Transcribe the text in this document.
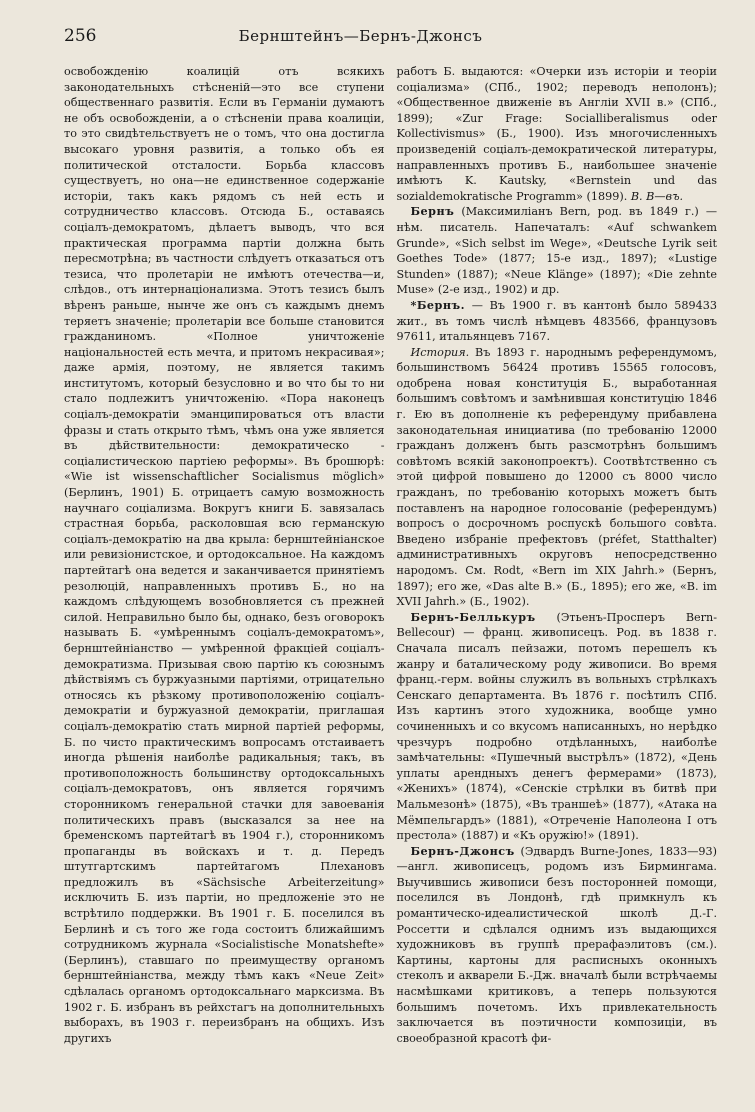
256	Бернштейнъ—Бернъ-Джонсъ

освобожденію коалицій отъ всякихъ законодательныхъ стѣсненій—это все ступени общественнаго развитія. Если въ Германіи думаютъ не объ освобожденіи, а о стѣсненіи права коалиціи, то это свидѣтельствуетъ не о томъ, что она достигла высокаго уровня развитія, а только объ ея политической отсталости. Борьба классовъ существуетъ, но она—не единственное содержаніе исторіи, такъ какъ рядомъ съ ней есть и сотрудничество классовъ. Отсюда Б., оставаясь соціалъ-демократомъ, дѣлаетъ выводъ, что вся практическая программа партіи должна быть пересмотрѣна; въ частности слѣдуетъ отказаться отъ тезиса, что пролетаріи не имѣютъ отечества—и, слѣдов., отъ интернаціонализма. Этотъ тезисъ былъ вѣренъ раньше, нынче же онъ съ каждымъ днемъ теряетъ значеніе; пролетаріи все больше становится гражданиномъ. «Полное уничтоженіе національностей есть мечта, и притомъ некрасивая»; даже армія, поэтому, не является такимъ институтомъ, который безусловно и во что бы то ни стало подлежитъ уничтоженію. «Пора наконецъ соціалъ-демократіи эманципироваться отъ власти фразы и стать открыто тѣмъ, чѣмъ она уже является въ дѣйствительности: демократическо - соціалистическою партіею реформы». Въ брошюрѣ: «Wie ist wissenschaftlicher Socialismus möglich» (Берлинъ, 1901) Б. отрицаетъ самую возможность научнаго соціализма. Вокругъ книги Б. завязалась страстная борьба, расколовшая всю германскую соціалъ-демократію на два крыла: бернштейніанское или ревизіонистское, и ортодоксальное. На каждомъ партейтагѣ она ведется и заканчивается принятіемъ резолюцій, направленныхъ противъ Б., но на каждомъ слѣдующемъ возобновляется съ прежней силой. Неправильно было бы, однако, безъ оговорокъ называть Б. «умѣреннымъ соціалъ-демократомъ», бернштейніанство — умѣренной фракціей соціалъ-демократизма. Призывая свою партію къ союзнымъ дѣйствіямъ съ буржуазными партіями, отрицательно относясь къ рѣзкому противоположенію соціалъ-демократіи и буржуазной демократіи, приглашая соціалъ-демократію стать мирной партіей реформы, Б. по чисто практическимъ вопросамъ отстаиваетъ иногда рѣшенія наиболѣе радикальныя; такъ, въ противоположность большинству ортодоксальныхъ соціалъ-демократовъ, онъ является горячимъ сторонникомъ генеральной стачки для завоеванія политическихъ правъ (высказался за нее на бременскомъ партейтагѣ въ 1904 г.), сторонникомъ пропаганды въ войскахъ и т. д. Передъ штутгартскимъ партейтагомъ Плехановъ предложилъ въ «Sächsische Arbeiterzeitung» исключить Б. изъ партіи, но предложеніе это не встрѣтило поддержки. Въ 1901 г. Б. поселился въ Берлинѣ и съ того же года состоитъ ближайшимъ сотрудникомъ журнала «Socialistische Monatshefte» (Берлинъ), ставшаго по преимуществу органомъ бернштейніанства, между тѣмъ какъ «Neue Zeit» сдѣлалась органомъ ортодоксальнаго марксизма. Въ 1902 г. Б. избранъ въ рейхстагъ на дополнительныхъ выборахъ, въ 1903 г. переизбранъ на общихъ. Изъ другихъ

работъ Б. выдаются: «Очерки изъ исторіи и теоріи соціализма» (СПб., 1902; переводъ неполонъ); «Общественное движеніе въ Англіи XVII в.» (СПб., 1899); «Zur Frage: Socialliberalismus oder Kollectivismus» (Б., 1900). Изъ многочисленныхъ произведеній соціалъ-демократической литературы, направленныхъ противъ Б., наибольшее значеніе имѣютъ K. Kautsky, «Bernstein und das sozialdemokratische Programm» (1899). В. В—въ.

Бернъ (Максимиліанъ Bern, род. въ 1849 г.) — нѣм. писатель. Напечаталъ: «Auf schwankem Grunde», «Sich selbst im Wege», «Deutsche Lyrik seit Goethes Tode» (1877; 15-е изд., 1897); «Lustige Stunden» (1887); «Neue Klänge» (1897); «Die zehnte Muse» (2-е изд., 1902) и др.

*Бернъ. — Въ 1900 г. въ кантонѣ было 589433 жит., въ томъ числѣ нѣмцевъ 483566, французовъ 97611, итальянцевъ 7167.

История. Въ 1893 г. народнымъ референдумомъ, большинствомъ 56424 противъ 15565 голосовъ, одобрена новая конституція Б., выработанная большимъ совѣтомъ и замѣнившая конституцію 1846 г. Ею въ дополненіе къ референдуму прибавлена законодательная инициатива (по требованію 12000 гражданъ долженъ быть разсмотрѣнъ большимъ совѣтомъ всякій законопроектъ). Соотвѣтственно съ этой цифрой повышено до 12000 съ 8000 число гражданъ, по требованію которыхъ можетъ быть поставленъ на народное голосованіе (референдумъ) вопросъ о досрочномъ роспускѣ большого совѣта. Введено избраніе префектовъ (préfet, Statthalter) административныхъ округовъ непосредственно народомъ. См. Rodt, «Bern im XIX Jahrh.» (Бернъ, 1897); его же, «Das alte B.» (Б., 1895); его же, «B. im XVII Jahrh.» (Б., 1902).

Бернъ-Беллькуръ (Этьенъ-Проспeръ Bern-Bellecour) — франц. живописецъ. Род. въ 1838 г. Сначала писалъ пейзажи, потомъ перешелъ къ жанру и баталическому роду живописи. Во время франц.-герм. войны служилъ въ вольныхъ стрѣлкахъ Сенскаго департамента. Въ 1876 г. посѣтилъ СПб. Изъ картинъ этого художника, вообще умно сочиненныхъ и со вкусомъ написанныхъ, но нерѣдко чрезчуръ подробно отдѣланныхъ, наиболѣе замѣчательны: «Пушечный выстрѣлъ» (1872), «День уплаты арендныхъ денегъ фермерами» (1873), «Женихъ» (1874), «Сенскіе стрѣлки въ битвѣ при Мальмезонѣ» (1875), «Въ траншеѣ» (1877), «Атака на Мёмпельгардъ» (1881), «Отреченіе Наполеона I отъ престола» (1887) и «Къ оружію!» (1891).

Бернъ-Джонсъ (Эдвардъ Burne-Jones, 1833—93)—англ. живописецъ, родомъ изъ Бирмингама. Выучившись живописи безъ посторонней помощи, поселился въ Лондонѣ, гдѣ примкнулъ къ романтическо-идеалистической школѣ Д.-Г. Россетти и сдѣлался однимъ изъ выдающихся художниковъ въ группѣ прерафаэлитовъ (см.). Картины, картоны для расписныхъ оконныхъ стеколъ и акварели Б.-Дж. вначалѣ были встрѣчаемы насмѣшками критиковъ, а теперь пользуются большимъ почетомъ. Ихъ привлекательность заключается въ поэтичности композиціи, въ своеобразной красотѣ фи-
